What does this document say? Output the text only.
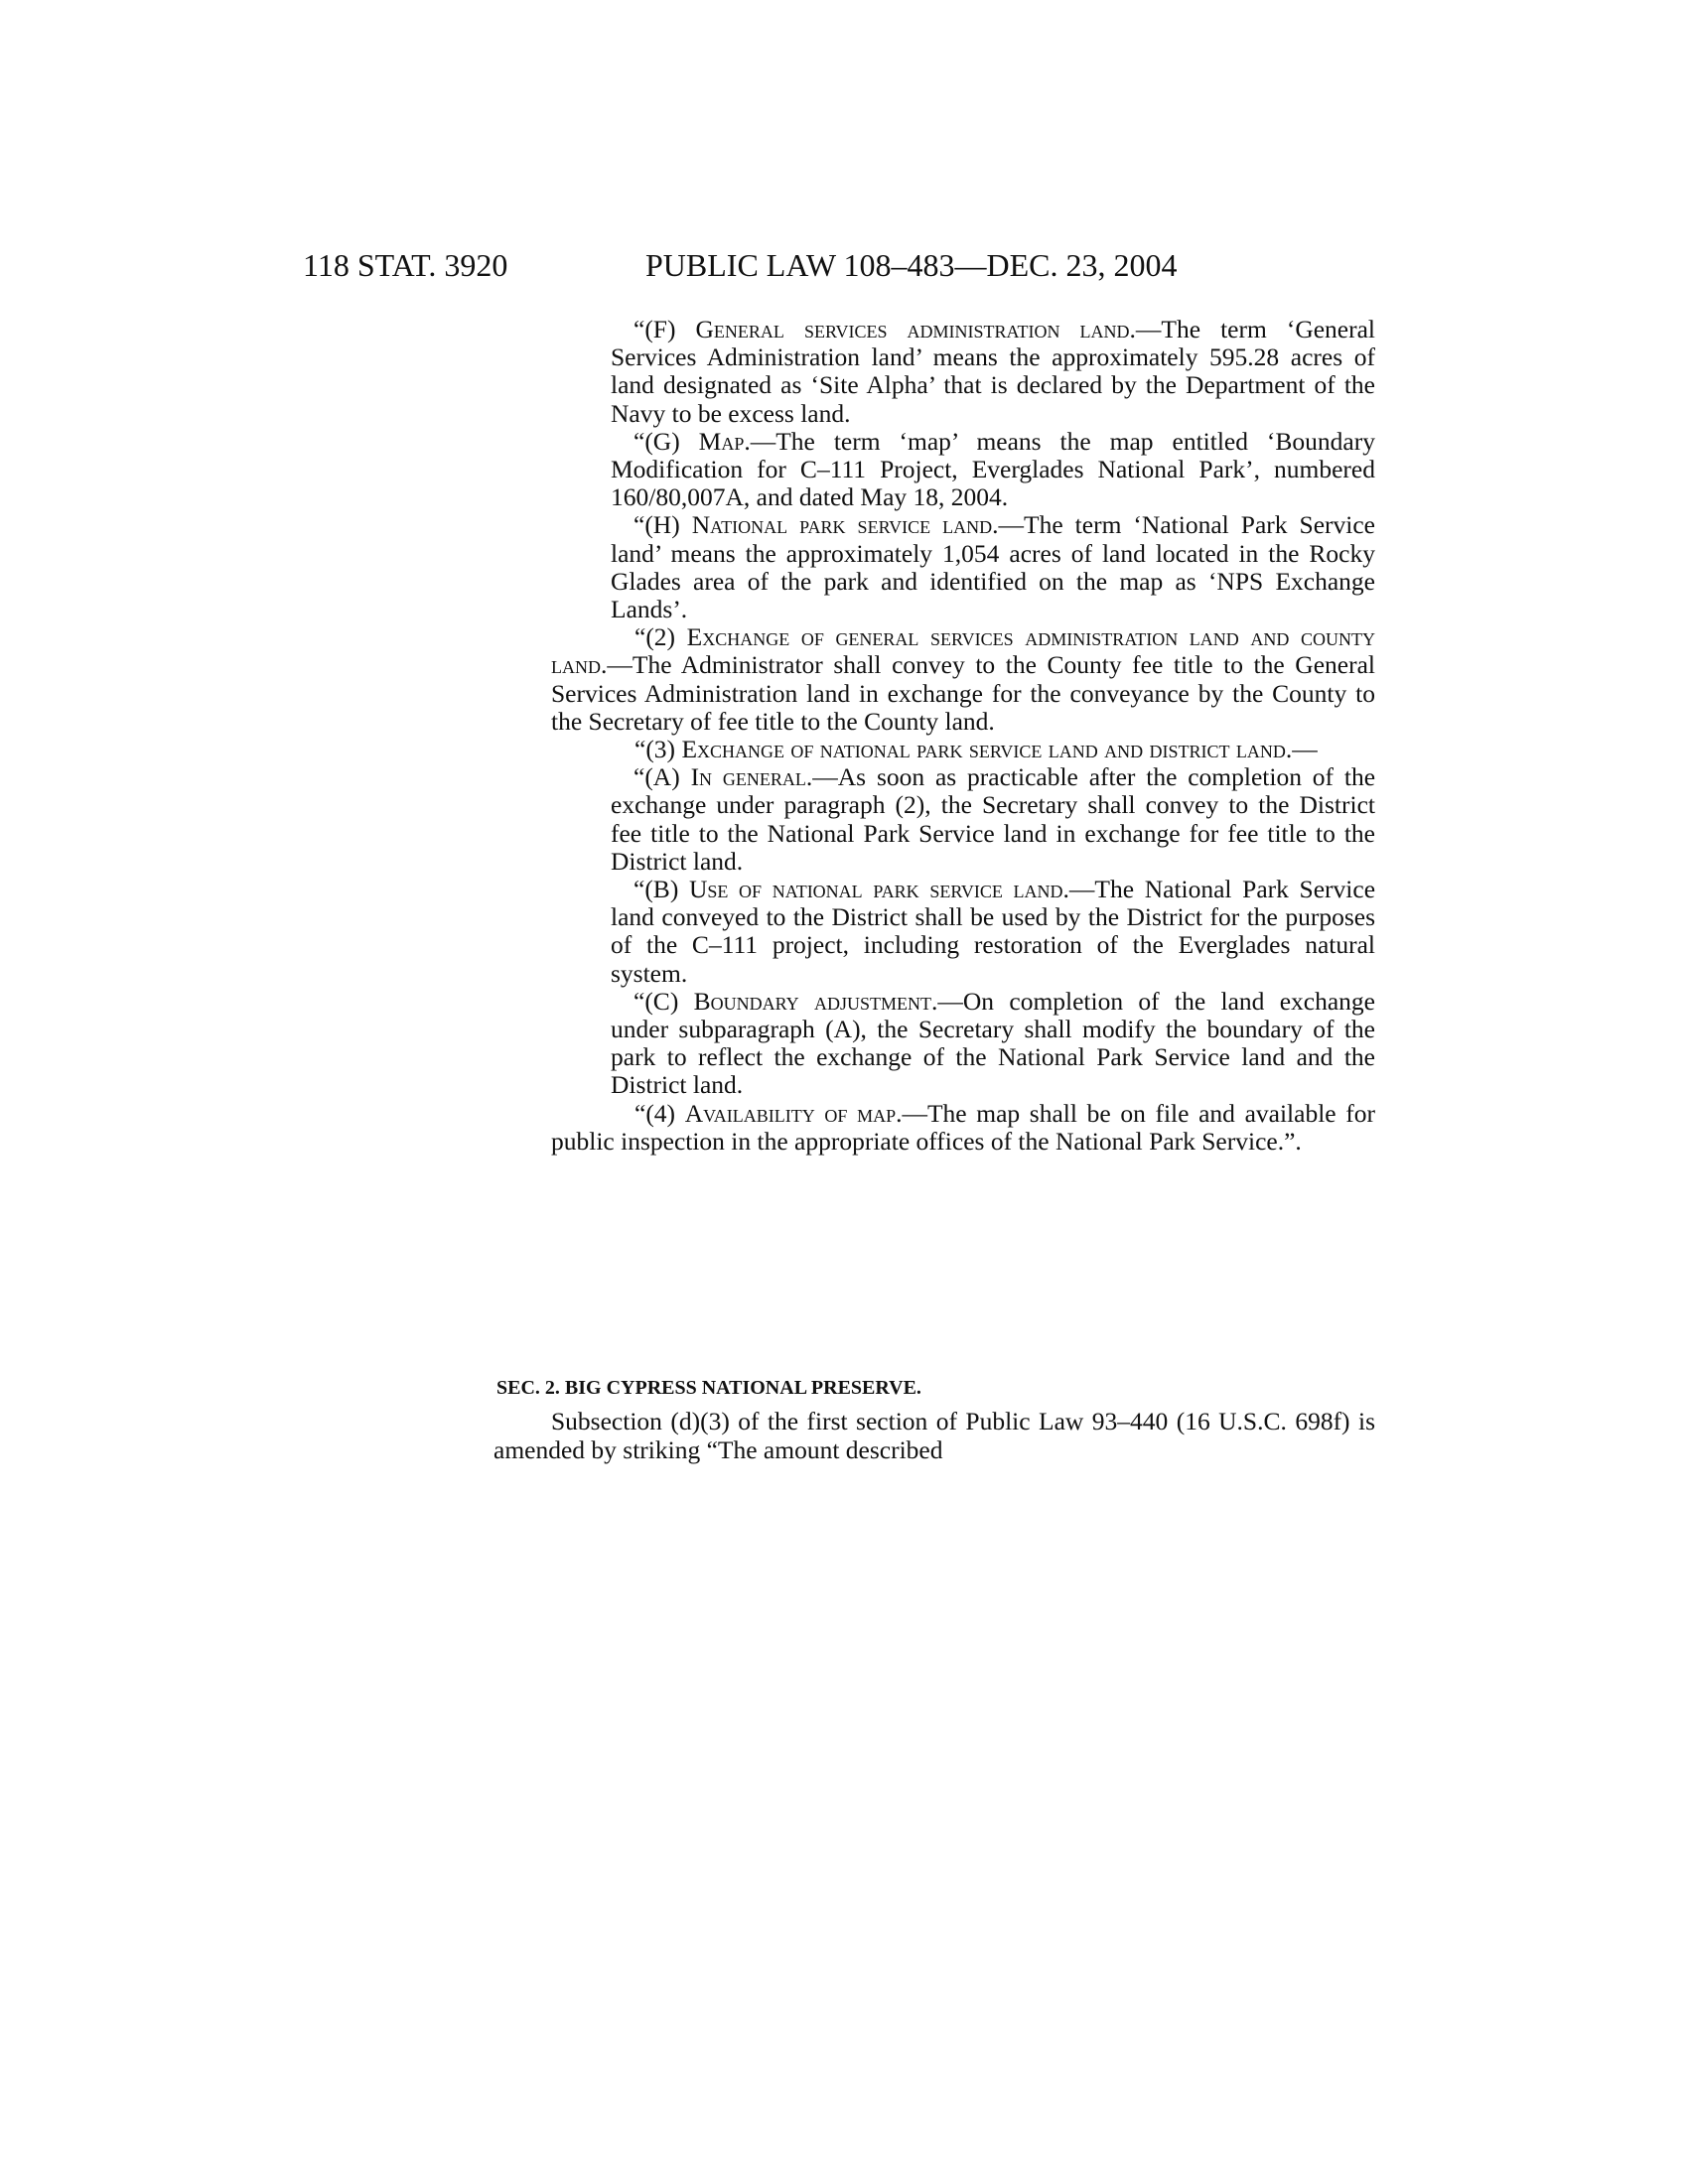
118 STAT. 3920	PUBLIC LAW 108–483—DEC. 23, 2004

“(F) General services administration land.—The term ‘General Services Administration land’ means the approximately 595.28 acres of land designated as ‘Site Alpha’ that is declared by the Department of the Navy to be excess land.

“(G) Map.—The term ‘map’ means the map entitled ‘Boundary Modification for C–111 Project, Everglades National Park’, numbered 160/80,007A, and dated May 18, 2004.

“(H) National park service land.—The term ‘National Park Service land’ means the approximately 1,054 acres of land located in the Rocky Glades area of the park and identified on the map as ‘NPS Exchange Lands’.

“(2) Exchange of general services administration land and county land.—The Administrator shall convey to the County fee title to the General Services Administration land in exchange for the conveyance by the County to the Secretary of fee title to the County land.

“(3) Exchange of national park service land and district land.—

“(A) In general.—As soon as practicable after the completion of the exchange under paragraph (2), the Secretary shall convey to the District fee title to the National Park Service land in exchange for fee title to the District land.

“(B) Use of national park service land.—The National Park Service land conveyed to the District shall be used by the District for the purposes of the C–111 project, including restoration of the Everglades natural system.

“(C) Boundary adjustment.—On completion of the land exchange under subparagraph (A), the Secretary shall modify the boundary of the park to reflect the exchange of the National Park Service land and the District land.

“(4) Availability of map.—The map shall be on file and available for public inspection in the appropriate offices of the National Park Service.”.

SEC. 2. BIG CYPRESS NATIONAL PRESERVE.

Subsection (d)(3) of the first section of Public Law 93–440 (16 U.S.C. 698f) is amended by striking “The amount described
